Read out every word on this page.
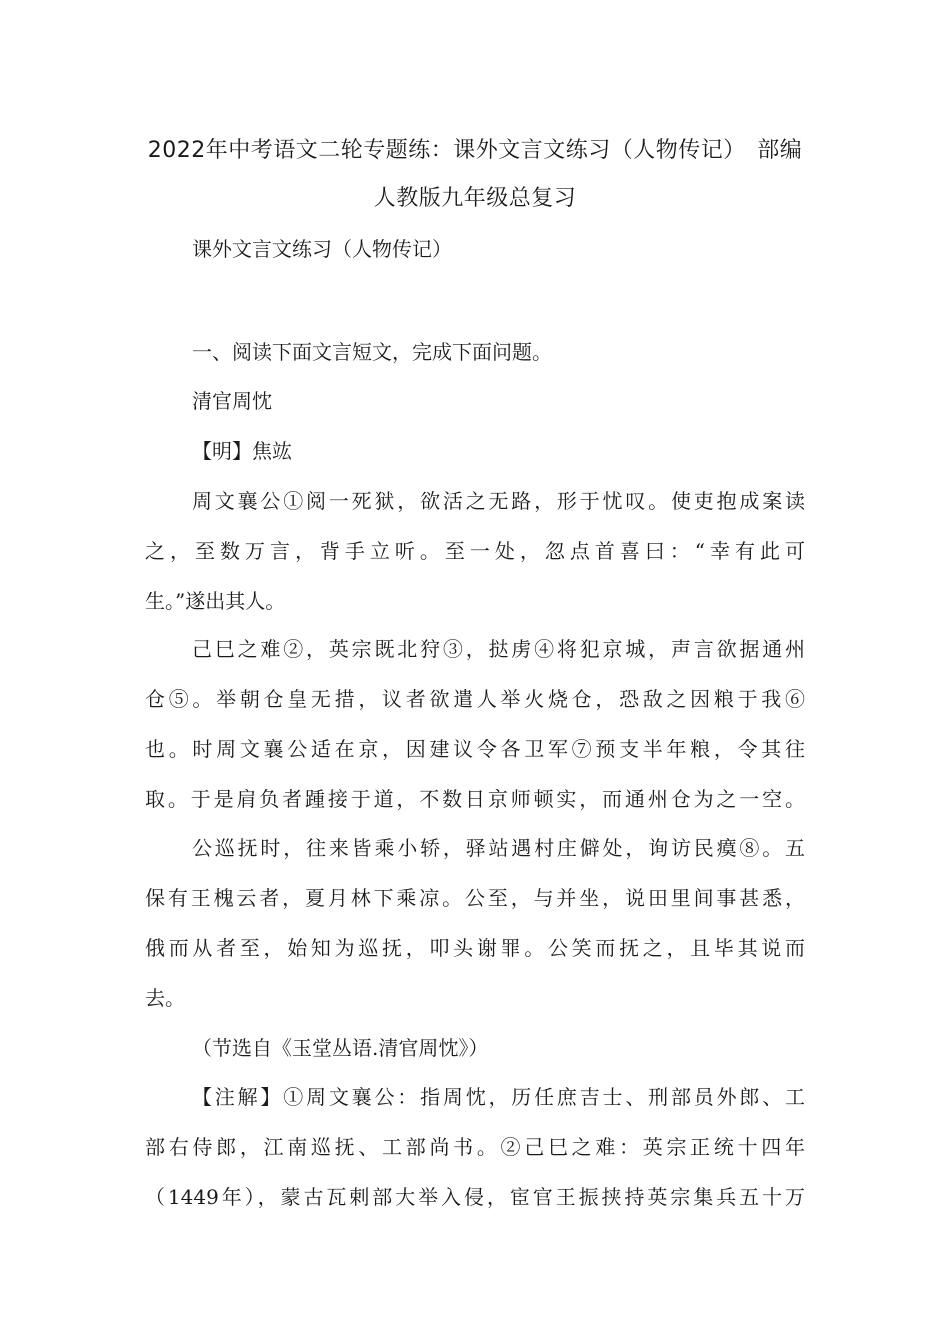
2022年中考语文二轮专题练：课外文言文练习（人物传记）　部编
人教版九年级总复习
课外文言文练习（人物传记）
一、阅读下面文言短文，完成下面问题。
清官周忱
【明】焦竑
周文襄公①阅一死狱，欲活之无路，形于忧叹。使吏抱成案读
之，至数万言，背手立听。至一处，忽点首喜曰：“幸有此可
生。”遂出其人。
己巳之难②，英宗既北狩③，挞虏④将犯京城，声言欲据通州
仓⑤。举朝仓皇无措，议者欲遣人举火烧仓，恐敌之因粮于我⑥
也。时周文襄公适在京，因建议令各卫军⑦预支半年粮，令其往
取。于是肩负者踵接于道，不数日京师顿实，而通州仓为之一空。
公巡抚时，往来皆乘小轿，驿站遇村庄僻处，询访民瘼⑧。五
保有王槐云者，夏月林下乘凉。公至，与并坐，说田里间事甚悉，
俄而从者至，始知为巡抚，叩头谢罪。公笑而抚之，且毕其说而
去。
（节选自《玉堂丛语.清官周忱》）
【注解】①周文襄公：指周忱，历任庶吉士、刑部员外郎、工
部右侍郎，江南巡抚、工部尚书。②己巳之难：英宗正统十四年
（1449年），蒙古瓦剌部大举入侵，宦官王振挟持英宗集兵五十万
